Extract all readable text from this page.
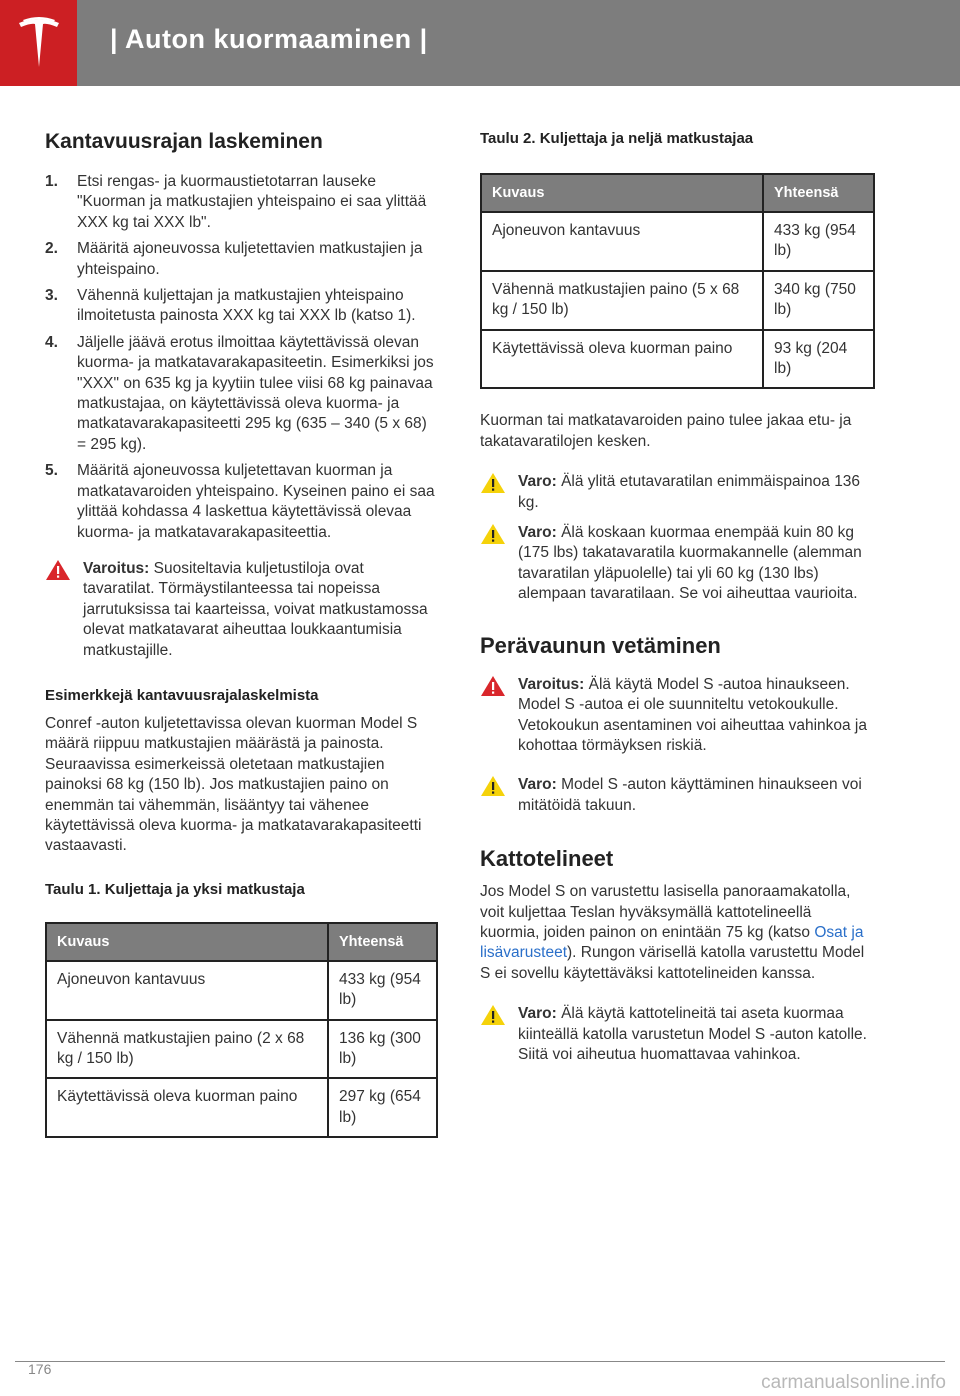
| Auton kuormaaminen |
Kantavuusrajan laskeminen
1. Etsi rengas- ja kuormaustietotarran lauseke "Kuorman ja matkustajien yhteispaino ei saa ylittää XXX kg tai XXX lb".
2. Määritä ajoneuvossa kuljetettavien matkustajien ja yhteispaino.
3. Vähennä kuljettajan ja matkustajien yhteispaino ilmoitetusta painosta XXX kg tai XXX lb (katso 1).
4. Jäljelle jäävä erotus ilmoittaa käytettävissä olevan kuorma- ja matkatavarakapasiteetin. Esimerkiksi jos "XXX" on 635 kg ja kyytiin tulee viisi 68 kg painavaa matkustajaa, on käytettävissä oleva kuorma- ja matkatavarakapasiteetti 295 kg (635 – 340 (5 x 68) = 295 kg).
5. Määritä ajoneuvossa kuljetettavan kuorman ja matkatavaroiden yhteispaino. Kyseinen paino ei saa ylittää kohdassa 4 laskettua käytettävissä olevaa kuorma- ja matkatavarakapasiteettia.
Varoitus: Suositeltavia kuljetustiloja ovat tavaratilat. Törmäystilanteessa tai nopeissa jarrutuksissa tai kaarteissa, voivat matkustamossa olevat matkatavarat aiheuttaa loukkaantumisia matkustajille.
Esimerkkejä kantavuusrajalaskelmista

Conref -auton kuljetettavissa olevan kuorman Model S määrä riippuu matkustajien määrästä ja painosta. Seuraavissa esimerkeissä oletetaan matkustajien painoksi 68 kg (150 lb). Jos matkustajien paino on enemmän tai vähemmän, lisääntyy tai vähenee käytettävissä oleva kuorma- ja matkatavarakapasiteetti vastaavasti.

Taulu 1. Kuljettaja ja yksi matkustaja
Kuvaus	Yhteensä
Ajoneuvon kantavuus	433 kg (954 lb)
Vähennä matkustajien paino (2 x 68 kg / 150 lb)	136 kg (300 lb)
Käytettävissä oleva kuorman paino	297 kg (654 lb)
Taulu 2. Kuljettaja ja neljä matkustajaa
Kuvaus	Yhteensä
Ajoneuvon kantavuus	433 kg (954 lb)
Vähennä matkustajien paino (5 x 68 kg / 150 lb)	340 kg (750 lb)
Käytettävissä oleva kuorman paino	93 kg (204 lb)

Kuorman tai matkatavaroiden paino tulee jakaa etu- ja takatavaratilojen kesken.

Varo: Älä ylitä etutavaratilan enimmäispainoa 136 kg.
Varo: Älä koskaan kuormaa enempää kuin 80 kg (175 lbs) takatavaratila kuormakannelle (alemman tavaratilan yläpuolelle) tai yli 60 kg (130 lbs) alempaan tavaratilaan. Se voi aiheuttaa vaurioita.
Perävaunun vetäminen
Varoitus: Älä käytä Model S -autoa hinaukseen. Model S -autoa ei ole suunniteltu vetokoukulle. Vetokoukun asentaminen voi aiheuttaa vahinkoa ja kohottaa törmäyksen riskiä.
Varo: Model S -auton käyttäminen hinaukseen voi mitätöidä takuun.
Kattotelineet

Jos Model S on varustettu lasisella panoraamakatolla, voit kuljettaa Teslan hyväksymällä kattotelineellä kuormia, joiden painon on enintään 75 kg (katso Osat ja lisävarusteet). Rungon värisellä katolla varustettu Model S ei sovellu käytettäväksi kattotelineiden kanssa.

Varo: Älä käytä kattotelineitä tai aseta kuormaa kiinteällä katolla varustetun Model S -auton katolle. Siitä voi aiheutua huomattavaa vahinkoa.
176
carmanualsonline.info
